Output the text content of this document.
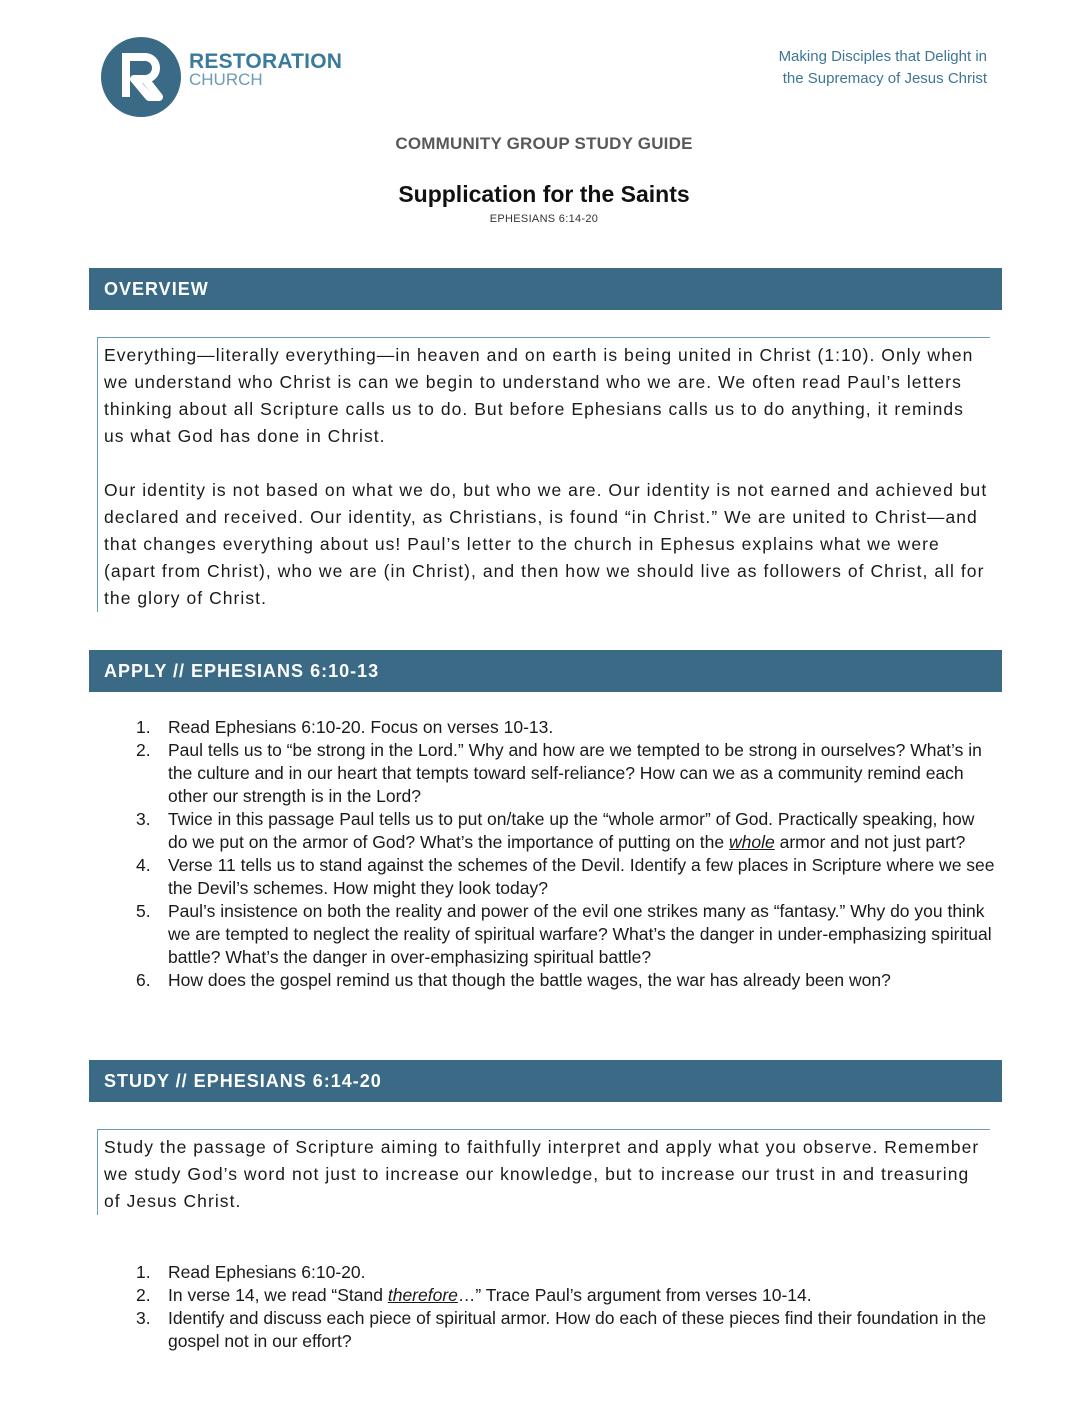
RESTORATION
CHURCH
Making Disciples that Delight in
the Supremacy of Jesus Christ
COMMUNITY GROUP STUDY GUIDE
Supplication for the Saints
EPHESIANS 6:14-20
OVERVIEW

Everything—literally everything—in heaven and on earth is being united in Christ (1:10). Only when we understand who Christ is can we begin to understand who we are. We often read Paul’s letters thinking about all Scripture calls us to do. But before Ephesians calls us to do anything, it reminds us what God has done in Christ.

Our identity is not based on what we do, but who we are. Our identity is not earned and achieved but declared and received. Our identity, as Christians, is found “in Christ.” We are united to Christ—and that changes everything about us! Paul’s letter to the church in Ephesus explains what we were (apart from Christ), who we are (in Christ), and then how we should live as followers of Christ, all for the glory of Christ.

APPLY // EPHESIANS 6:10-13
1. Read Ephesians 6:10-20. Focus on verses 10-13.
2. Paul tells us to “be strong in the Lord.” Why and how are we tempted to be strong in ourselves? What’s in the culture and in our heart that tempts toward self-reliance? How can we as a community remind each other our strength is in the Lord?
3. Twice in this passage Paul tells us to put on/take up the “whole armor” of God. Practically speaking, how do we put on the armor of God? What’s the importance of putting on the whole armor and not just part?
4. Verse 11 tells us to stand against the schemes of the Devil. Identify a few places in Scripture where we see the Devil’s schemes. How might they look today?
5. Paul’s insistence on both the reality and power of the evil one strikes many as “fantasy.” Why do you think we are tempted to neglect the reality of spiritual warfare? What’s the danger in under-emphasizing spiritual battle? What’s the danger in over-emphasizing spiritual battle?
6. How does the gospel remind us that though the battle wages, the war has already been won?
STUDY // EPHESIANS 6:14-20

Study the passage of Scripture aiming to faithfully interpret and apply what you observe. Remember we study God’s word not just to increase our knowledge, but to increase our trust in and treasuring of Jesus Christ.

1. Read Ephesians 6:10-20.
2. In verse 14, we read “Stand therefore…” Trace Paul’s argument from verses 10-14.
3. Identify and discuss each piece of spiritual armor. How do each of these pieces find their foundation in the gospel not in our effort?
